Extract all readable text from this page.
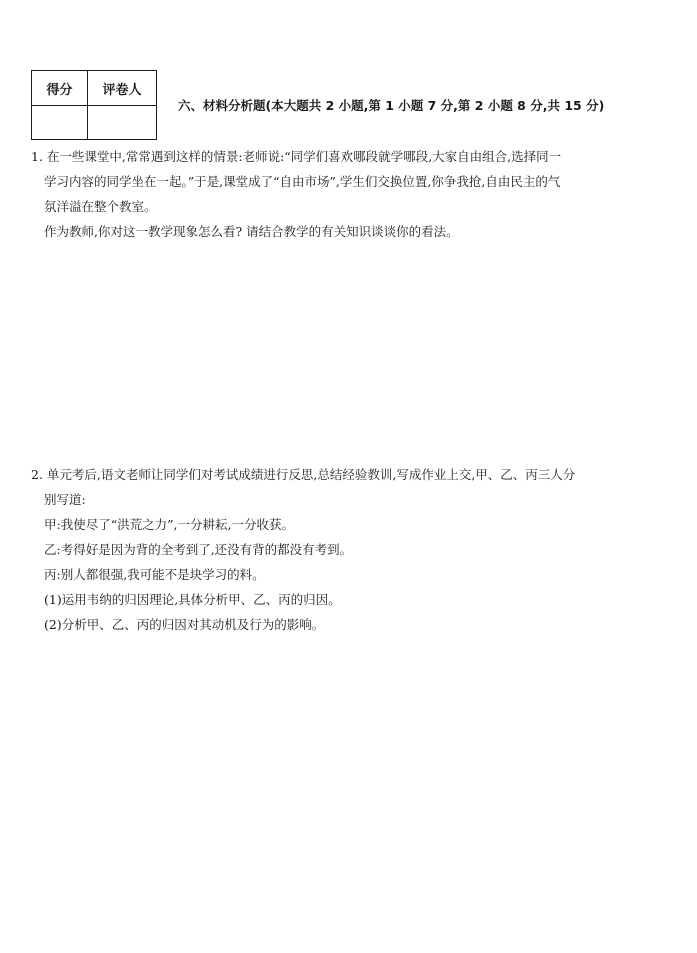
得分	评卷人

六、材料分析题(本大题共 2 小题,第 1 小题 7 分,第 2 小题 8 分,共 15 分)
1. 在一些课堂中,常常遇到这样的情景:老师说:“同学们喜欢哪段就学哪段,大家自由组合,选择同一
学习内容的同学坐在一起。”于是,课堂成了“自由市场”,学生们交换位置,你争我抢,自由民主的气
氛洋溢在整个教室。
作为教师,你对这一教学现象怎么看? 请结合教学的有关知识谈谈你的看法。
2. 单元考后,语文老师让同学们对考试成绩进行反思,总结经验教训,写成作业上交,甲、乙、丙三人分
别写道:
甲:我使尽了“洪荒之力”,一分耕耘,一分收获。
乙:考得好是因为背的全考到了,还没有背的都没有考到。
丙:别人都很强,我可能不是块学习的料。
(1)运用韦纳的归因理论,具体分析甲、乙、丙的归因。
(2)分析甲、乙、丙的归因对其动机及行为的影响。
